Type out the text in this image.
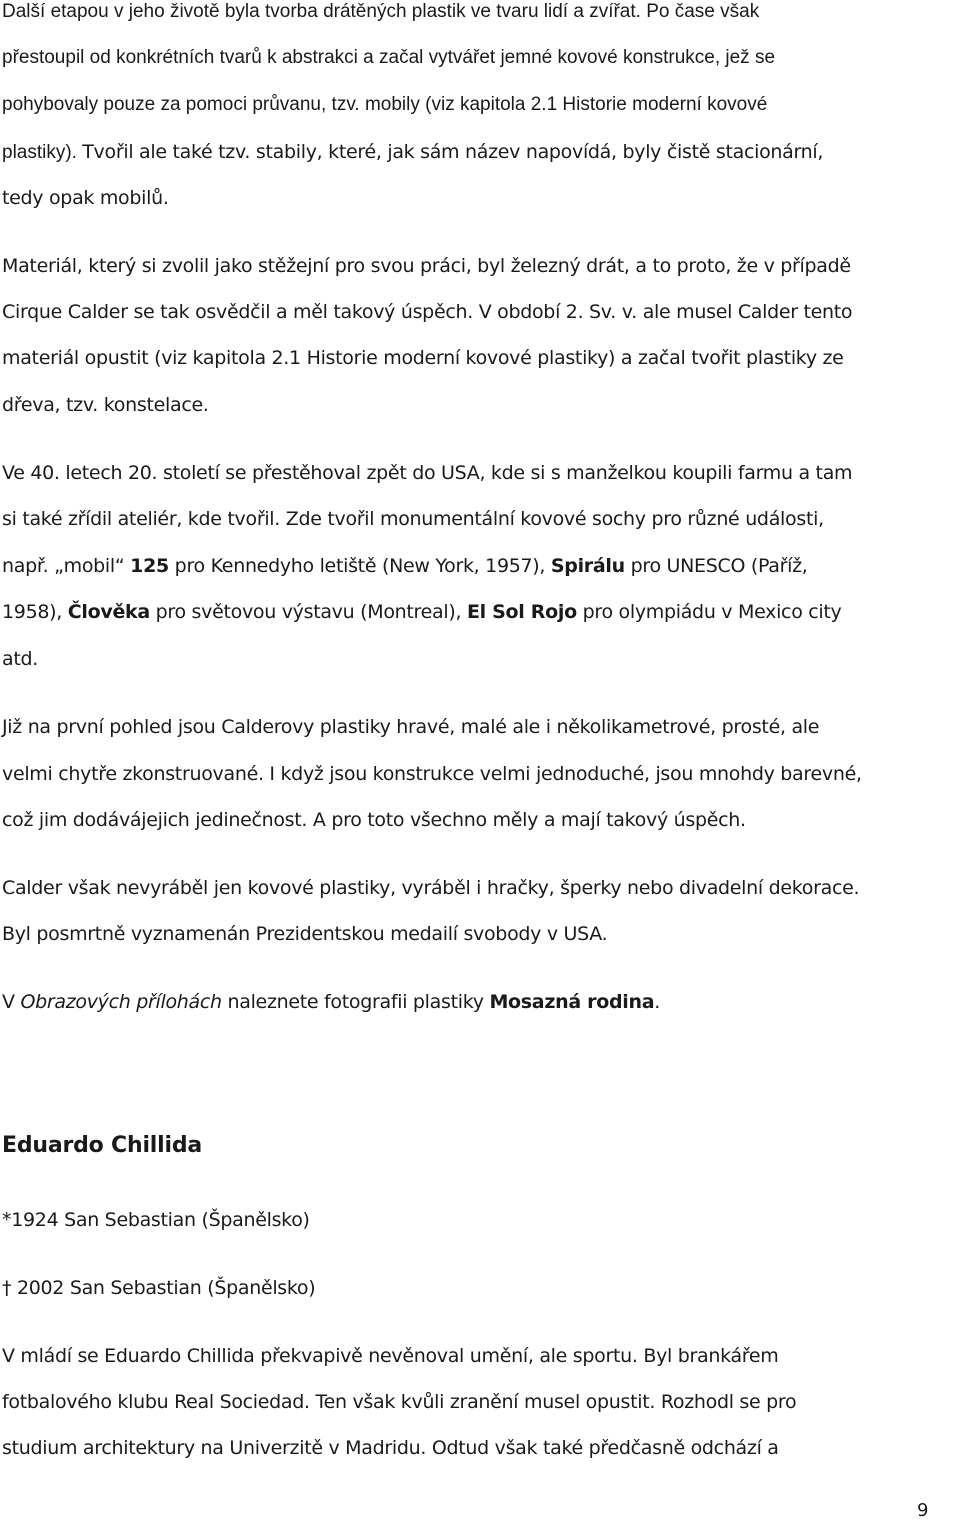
Další etapou v jeho životě byla tvorba drátěných plastik ve tvaru lidí a zvířat. Po čase však
přestoupil od konkrétních tvarů k abstrakci a začal vytvářet jemné kovové konstrukce, jež se
pohybovaly pouze za pomoci průvanu, tzv. mobily (viz kapitola 2.1 Historie moderní kovové
plastiky). Tvořil ale také tzv. stabily, které, jak sám název napovídá, byly čistě stacionární,
tedy opak mobilů.
Materiál, který si zvolil jako stěžejní pro svou práci, byl železný drát, a to proto, že v případě
Cirque Calder se tak osvědčil a měl takový úspěch. V období 2. Sv. v. ale musel Calder tento
materiál opustit (viz kapitola 2.1 Historie moderní kovové plastiky) a začal tvořit plastiky ze
dřeva, tzv. konstelace.
Ve 40. letech 20. století se přestěhoval zpět do USA, kde si s manželkou koupili farmu a tam
si také zřídil ateliér, kde tvořil. Zde tvořil monumentální kovové sochy pro různé události,
např. „mobil“ 125 pro Kennedyho letiště (New York, 1957), Spirálu pro UNESCO (Paříž,
1958), Člověka pro světovou výstavu (Montreal), El Sol Rojo pro olympiádu v Mexico city
atd.
Již na první pohled jsou Calderovy plastiky hravé, malé ale i několikametrové, prosté, ale
velmi chytře zkonstruované. I když jsou konstrukce velmi jednoduché, jsou mnohdy barevné,
což jim dodávájejich jedinečnost. A pro toto všechno měly a mají takový úspěch.
Calder však nevyráběl jen kovové plastiky, vyráběl i hračky, šperky nebo divadelní dekorace.
Byl posmrtně vyznamenán Prezidentskou medailí svobody v USA.
V Obrazových přílohách naleznete fotografii plastiky Mosazná rodina.
Eduardo Chillida
*1924 San Sebastian (Španělsko)
† 2002 San Sebastian (Španělsko)
V mládí se Eduardo Chillida překvapivě nevěnoval umění, ale sportu. Byl brankářem
fotbalového klubu Real Sociedad. Ten však kvůli zranění musel opustit. Rozhodl se pro
studium architektury na Univerzitě v Madridu. Odtud však také předčasně odchází a
9
